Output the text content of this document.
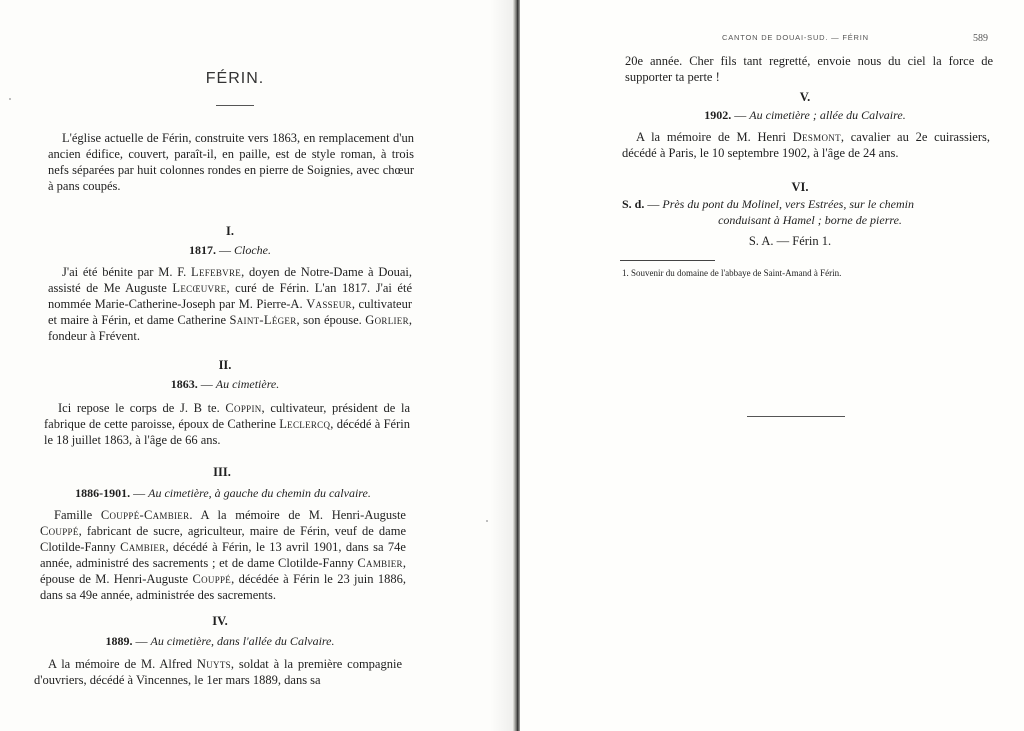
FÉRIN.

L'église actuelle de Férin, construite vers 1863, en remplacement d'un ancien édifice, couvert, paraît-il, en paille, est de style roman, à trois nefs séparées par huit colonnes rondes en pierre de Soignies, avec chœur à pans coupés.

I.
1817. — Cloche.

J'ai été bénite par M. F. Lefebvre, doyen de Notre-Dame à Douai, assisté de Me Auguste Lecœuvre, curé de Férin. L'an 1817. J'ai été nommée Marie-Catherine-Joseph par M. Pierre-A. Vasseur, cultivateur et maire à Férin, et dame Catherine Saint-Léger, son épouse. Gorlier, fondeur à Frévent.

II.
1863. — Au cimetière.

Ici repose le corps de J. B te. Coppin, cultivateur, président de la fabrique de cette paroisse, époux de Catherine Leclercq, décédé à Férin le 18 juillet 1863, à l'âge de 66 ans.

III.
1886-1901. — Au cimetière, à gauche du chemin du calvaire.

Famille Couppé-Cambier. A la mémoire de M. Henri-Auguste Couppé, fabricant de sucre, agriculteur, maire de Férin, veuf de dame Clotilde-Fanny Cambier, décédé à Férin, le 13 avril 1901, dans sa 74e année, administré des sacrements ; et de dame Clotilde-Fanny Cambier, épouse de M. Henri-Auguste Couppé, décédée à Férin le 23 juin 1886, dans sa 49e année, administrée des sacrements.

IV.
1889. — Au cimetière, dans l'allée du Calvaire.

A la mémoire de M. Alfred Nuyts, soldat à la première compagnie d'ouvriers, décédé à Vincennes, le 1er mars 1889, dans sa

CANTON DE DOUAI-SUD. — FÉRIN	589

20e année. Cher fils tant regretté, envoie nous du ciel la force de supporter ta perte !

V.
1902. — Au cimetière ; allée du Calvaire.

A la mémoire de M. Henri Desmont, cavalier au 2e cuirassiers, décédé à Paris, le 10 septembre 1902, à l'âge de 24 ans.

VI.
S. d. — Près du pont du Molinel, vers Estrées, sur le chemin
conduisant à Hamel ; borne de pierre.
S. A. — Férin 1.
1. Souvenir du domaine de l'abbaye de Saint-Amand à Férin.
